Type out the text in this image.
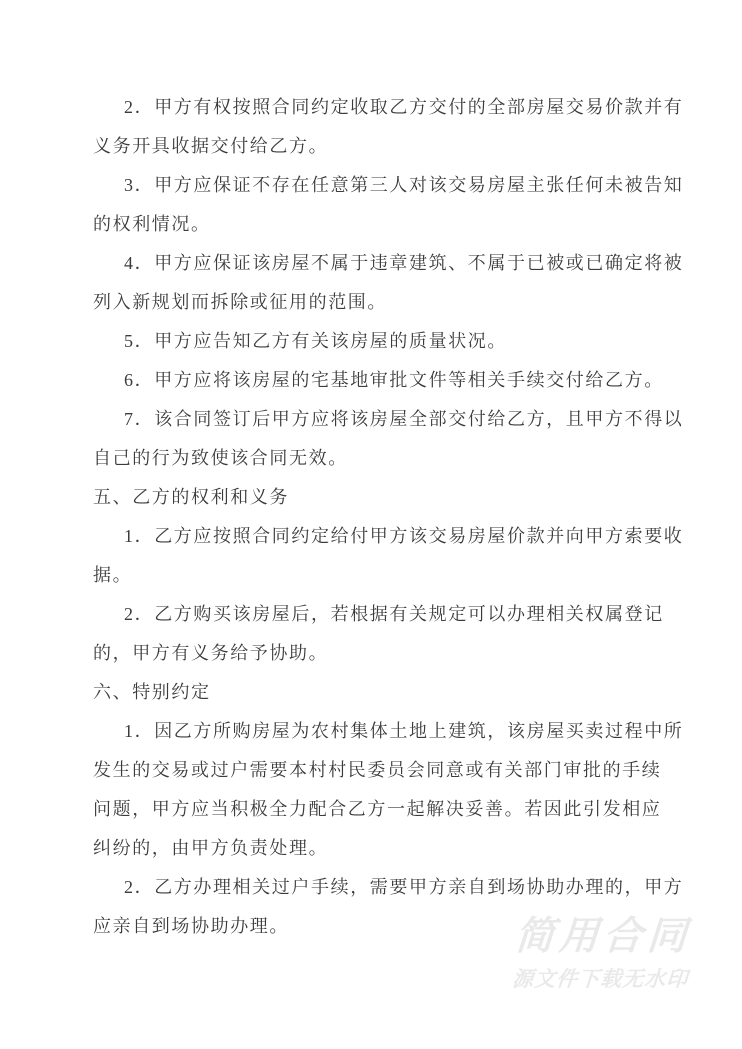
2．甲方有权按照合同约定收取乙方交付的全部房屋交易价款并有
义务开具收据交付给乙方。
3．甲方应保证不存在任意第三人对该交易房屋主张任何未被告知
的权利情况。
4．甲方应保证该房屋不属于违章建筑、不属于已被或已确定将被
列入新规划而拆除或征用的范围。
5．甲方应告知乙方有关该房屋的质量状况。
6．甲方应将该房屋的宅基地审批文件等相关手续交付给乙方。
7．该合同签订后甲方应将该房屋全部交付给乙方，且甲方不得以
自己的行为致使该合同无效。
五、乙方的权利和义务
1．乙方应按照合同约定给付甲方该交易房屋价款并向甲方索要收
据。
2．乙方购买该房屋后，若根据有关规定可以办理相关权属登记
的，甲方有义务给予协助。
六、特别约定
1．因乙方所购房屋为农村集体土地上建筑，该房屋买卖过程中所
发生的交易或过户需要本村村民委员会同意或有关部门审批的手续
问题，甲方应当积极全力配合乙方一起解决妥善。若因此引发相应
纠纷的，由甲方负责处理。
2．乙方办理相关过户手续，需要甲方亲自到场协助办理的，甲方
应亲自到场协助办理。	简用合同
源文件下载无水印
